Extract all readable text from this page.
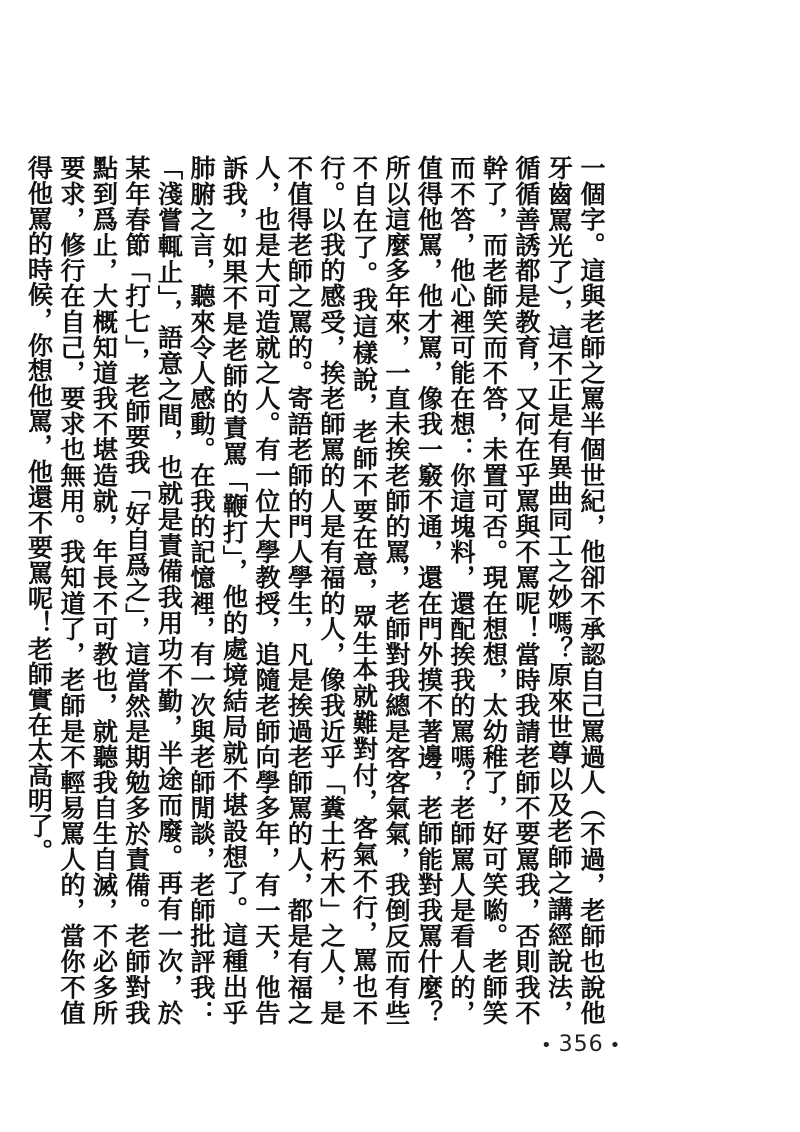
一個字。這與老師之罵半個世紀，他卻不承認自己罵過人（不過，老師也說他牙齒罵光了），這不正是有異曲同工之妙嗎？原來世尊以及老師之講經說法，循循善誘都是教育，又何在乎罵與不罵呢！當時我請老師不要罵我，否則我不幹了，而老師笑而不答，未置可否。現在想想，太幼稚了，好可笑喲。老師笑而不答，他心裡可能在想：你這塊料，還配挨我的罵嗎？老師罵人是看人的，值得他罵，他才罵，像我一竅不通，還在門外摸不著邊，老師能對我罵什麼？所以這麼多年來，一直未挨老師的罵，老師對我總是客客氣氣，我倒反而有些不自在了。我這樣說，老師不要在意，眾生本就難對付，客氣不行，罵也不行。以我的感受，挨老師罵的人是有福的人，像我近乎「糞土朽木」之人，是不值得老師之罵的。寄語老師的門人學生，凡是挨過老師罵的人，都是有福之人，也是大可造就之人。有一位大學教授，追隨老師向學多年，有一天，他告訴我，如果不是老師的責罵「鞭打」，他的處境結局就不堪設想了。這種出乎肺腑之言，聽來令人感動。在我的記憶裡，有一次與老師閒談，老師批評我：「淺嘗輒止」，語意之間，也就是責備我用功不勤，半途而廢。再有一次，於某年春節「打七」，老師要我「好自爲之」，這當然是期勉多於責備。老師對我點到爲止，大概知道我不堪造就，年長不可教也，就聽我自生自滅，不必多所要求，修行在自己，要求也無用。我知道了，老師是不輕易罵人的，當你不值得他罵的時候，你想他罵，他還不要罵呢！老師實在太高明了。
• 356 •
